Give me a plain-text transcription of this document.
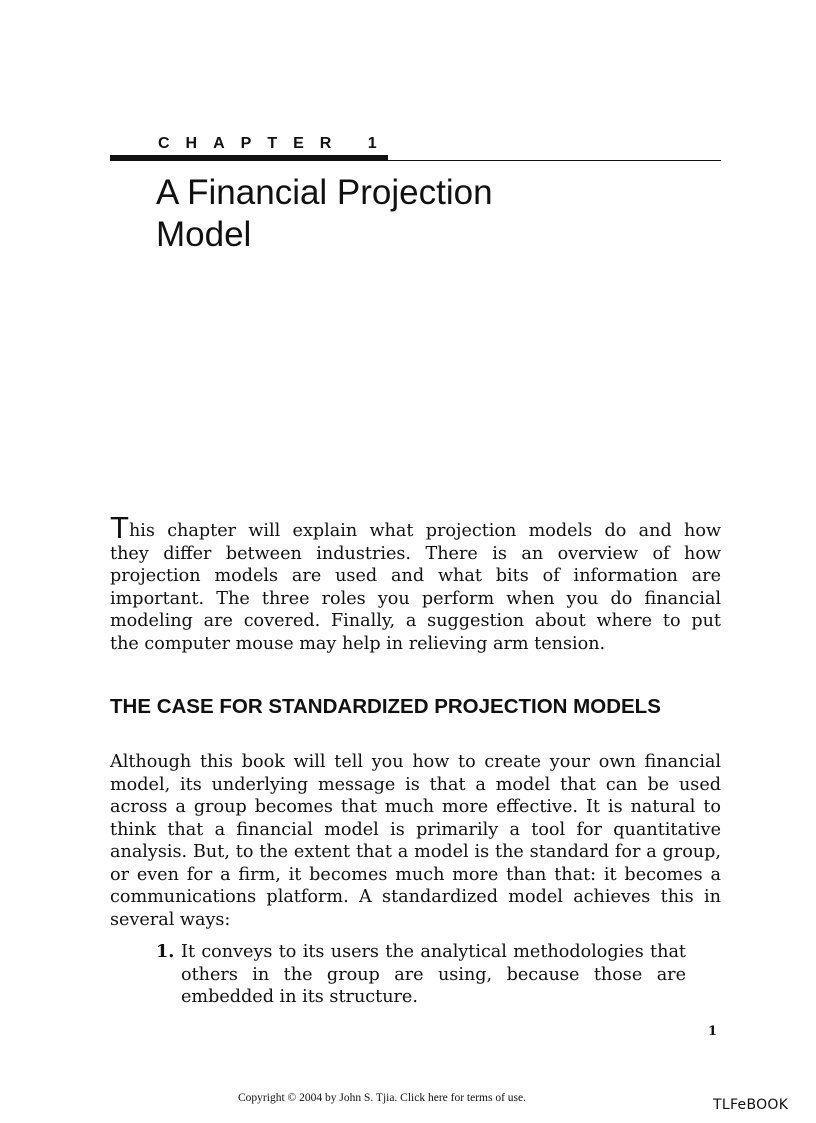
CHAPTER 1
A Financial Projection
Model

This chapter will explain what projection models do and how
they differ between industries. There is an overview of how
projection models are used and what bits of information are
important. The three roles you perform when you do financial
modeling are covered. Finally, a suggestion about where to put
the computer mouse may help in relieving arm tension.

THE CASE FOR STANDARDIZED PROJECTION MODELS

Although this book will tell you how to create your own financial model, its underlying message is that a model that can be used across a group becomes that much more effective. It is natural to think that a financial model is primarily a tool for quantitative analysis. But, to the extent that a model is the standard for a group, or even for a firm, it becomes much more than that: it becomes a communications platform. A standardized model achieves this in several ways:

1. It conveys to its users the analytical methodologies that others in the group are using, because those are embedded in its structure.

1
Copyright © 2004 by John S. Tjia. Click here for terms of use.	TLFeBOOK
